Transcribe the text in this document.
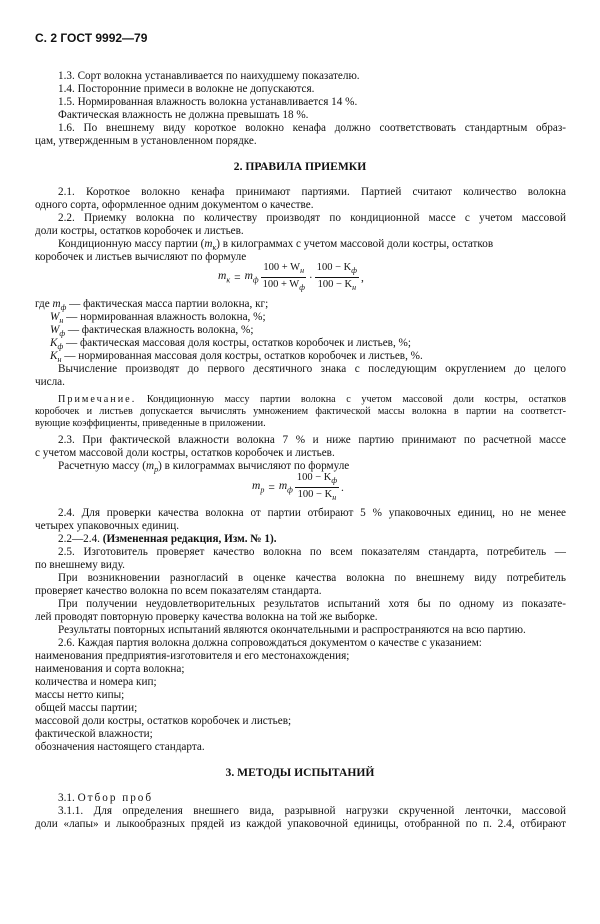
С. 2 ГОСТ 9992—79
1.3. Сорт волокна устанавливается по наихудшему показателю.
1.4. Посторонние примеси в волокне не допускаются.
1.5. Нормированная влажность волокна устанавливается 14 %.
Фактическая влажность не должна превышать 18 %.
1.6. По внешнему виду короткое волокно кенафа должно соответствовать стандартным образ-
цам, утвержденным в установленном порядке.
2. ПРАВИЛА ПРИЕМКИ
2.1. Короткое волокно кенафа принимают партиями. Партией считают количество волокна
одного сорта, оформленное одним документом о качестве.
2.2. Приемку волокна по количеству производят по кондиционной массе с учетом массовой
доли костры, остатков коробочек и листьев.
Кондиционную массу партии $(m_к)$ в килограммах с учетом массовой доли костры, остатков
коробочек и листьев вычисляют по формуле
$m_к = m_ф \frac{100 + W_н}{100 + W_ф} \cdot \frac{100 - K_ф}{100 - K_н}$ ,
где $m_ф$ — фактическая масса партии волокна, кг;
$W_н$ — нормированная влажность волокна, %;
$W_ф$ — фактическая влажность волокна, %;
$K_ф$ — фактическая массовая доля костры, остатков коробочек и листьев, %;
$K_н$ — нормированная массовая доля костры, остатков коробочек и листьев, %.
Вычисление производят до первого десятичного знака с последующим округлением до целого
числа.
Примечание. Кондиционную массу партии волокна с учетом массовой доли костры, остатков
коробочек и листьев допускается вычислять умножением фактической массы волокна в партии на соответст-
вующие коэффициенты, приведенные в приложении.
2.3. При фактической влажности волокна 7 % и ниже партию принимают по расчетной массе
с учетом массовой доли костры, остатков коробочек и листьев.
Расчетную массу $(m_р)$ в килограммах вычисляют по формуле
$m_р = m_ф \frac{100 - K_ф}{100 - K_н}$ .
2.4. Для проверки качества волокна от партии отбирают 5 % упаковочных единиц, но не менее
четырех упаковочных единиц.
2.2—2.4. (Измененная редакция, Изм. № 1).
2.5. Изготовитель проверяет качество волокна по всем показателям стандарта, потребитель —
по внешнему виду.
При возникновении разногласий в оценке качества волокна по внешнему виду потребитель
проверяет качество волокна по всем показателям стандарта.
При получении неудовлетворительных результатов испытаний хотя бы по одному из показате-
лей проводят повторную проверку качества волокна на той же выборке.
Результаты повторных испытаний являются окончательными и распространяются на всю партию.
2.6. Каждая партия волокна должна сопровождаться документом о качестве с указанием:
наименования предприятия-изготовителя и его местонахождения;
наименования и сорта волокна;
количества и номера кип;
массы нетто кипы;
общей массы партии;
массовой доли костры, остатков коробочек и листьев;
фактической влажности;
обозначения настоящего стандарта.
3. МЕТОДЫ ИСПЫТАНИЙ
3.1. Отбор проб
3.1.1. Для определения внешнего вида, разрывной нагрузки скрученной ленточки, массовой
доли «лапы» и лыкообразных прядей из каждой упаковочной единицы, отобранной по п. 2.4, отбирают
